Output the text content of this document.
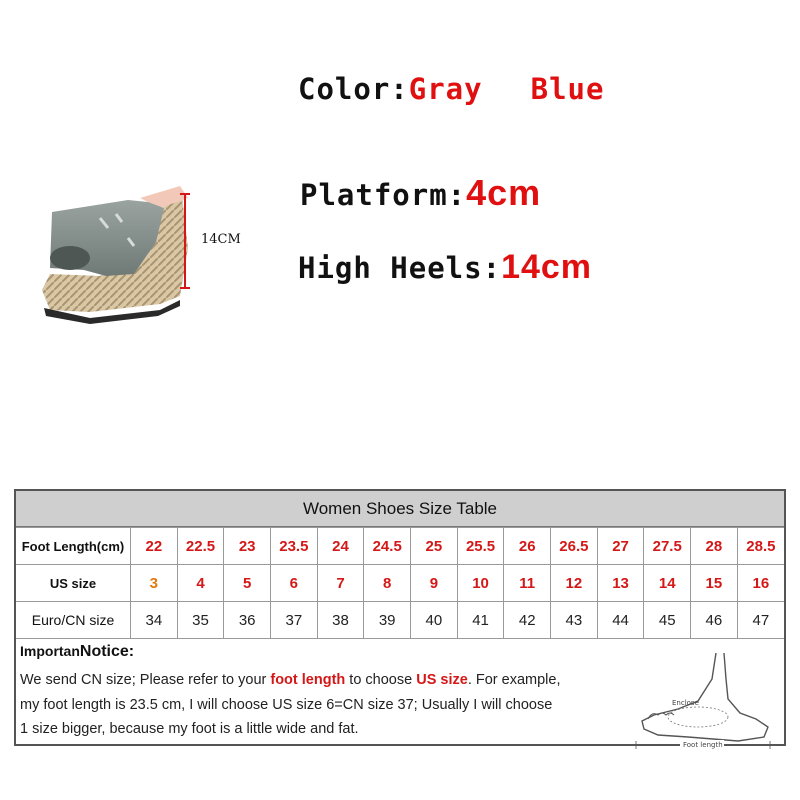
Color:Gray Blue
Platform:4cm
High Heels:14cm
14CM
Women Shoes Size Table
Foot Length(cm)	22	22.5	23	23.5	24	24.5	25	25.5	26	26.5	27	27.5	28	28.5
US size	3	4	5	6	7	8	9	10	11	12	13	14	15	16
Euro/CN size	34	35	36	37	38	39	40	41	42	43	44	45	46	47
ImportanNotice:
We send CN size; Please refer to your foot length to choose US size. For example,
my foot length is 23.5 cm, I will choose US size 6=CN size 37; Usually I will choose
1 size bigger, because my foot is a little wide and fat.
Enclose
Foot length
